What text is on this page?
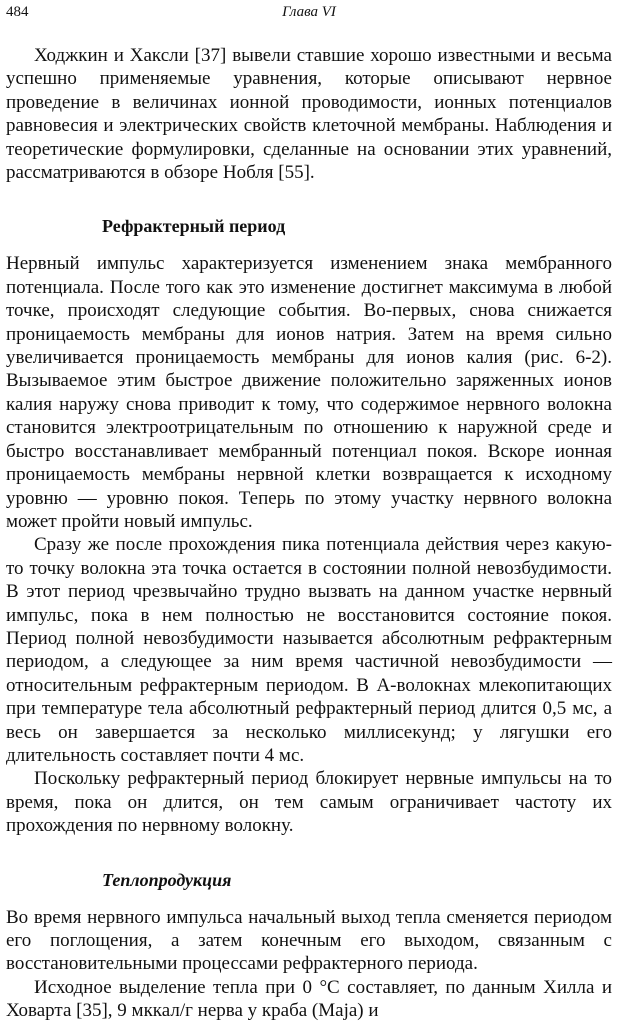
484	Глава VI

Ходжкин и Хаксли [37] вывели ставшие хорошо известными и весьма успешно применяемые уравнения, которые описывают нервное проведение в величинах ионной проводимости, ионных потенциалов равновесия и электрических свойств клеточной мембраны. Наблюдения и теоретические формулировки, сделанные на основании этих уравнений, рассматриваются в обзоре Нобля [55].

Рефрактерный период

Нервный импульс характеризуется изменением знака мембранного потенциала. После того как это изменение достигнет максимума в любой точке, происходят следующие события. Во-первых, снова снижается проницаемость мембраны для ионов натрия. Затем на время сильно увеличивается проницаемость мембраны для ионов калия (рис. 6-2). Вызываемое этим быстрое движение положительно заряженных ионов калия наружу снова приводит к тому, что содержимое нервного волокна становится электроотрицательным по отношению к наружной среде и быстро восстанавливает мембранный потенциал покоя. Вскоре ионная проницаемость мембраны нервной клетки возвращается к исходному уровню — уровню покоя. Теперь по этому участку нервного волокна может пройти новый импульс.

Сразу же после прохождения пика потенциала действия через какую-то точку волокна эта точка остается в состоянии полной невозбудимости. В этот период чрезвычайно трудно вызвать на данном участке нервный импульс, пока в нем полностью не восстановится состояние покоя. Период полной невозбудимости называется абсолютным рефрактерным периодом, а следующее за ним время частичной невозбудимости — относительным рефрактерным периодом. В А-волокнах млекопитающих при температуре тела абсолютный рефрактерный период длится 0,5 мс, а весь он завершается за несколько миллисекунд; у лягушки его длительность составляет почти 4 мс.

Поскольку рефрактерный период блокирует нервные импульсы на то время, пока он длится, он тем самым ограничивает частоту их прохождения по нервному волокну.

Теплопродукция

Во время нервного импульса начальный выход тепла сменяется периодом его поглощения, а затем конечным его выходом, связанным с восстановительными процессами рефрактерного периода.

Исходное выделение тепла при 0 °С составляет, по данным Хилла и Ховарта [35], 9 мккал/г нерва у краба (Maja) и
